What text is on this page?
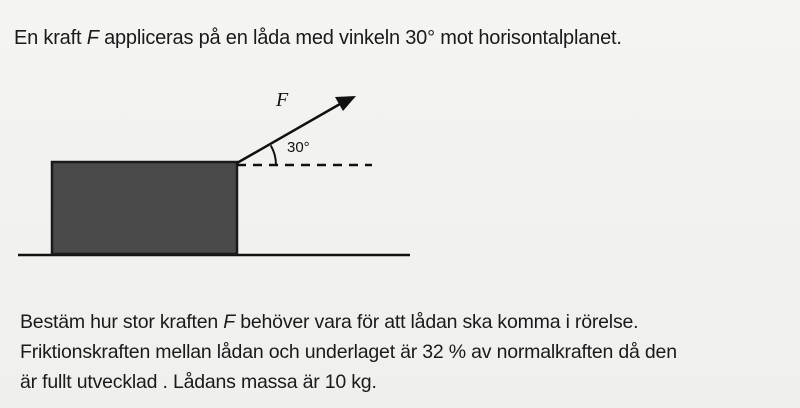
En kraft F appliceras på en låda med vinkeln 30° mot horisontalplanet.
F
30°

Bestäm hur stor kraften F behöver vara för att lådan ska komma i rörelse.

Friktionskraften mellan lådan och underlaget är 32 % av normalkraften då den

är fullt utvecklad . Lådans massa är 10 kg.
